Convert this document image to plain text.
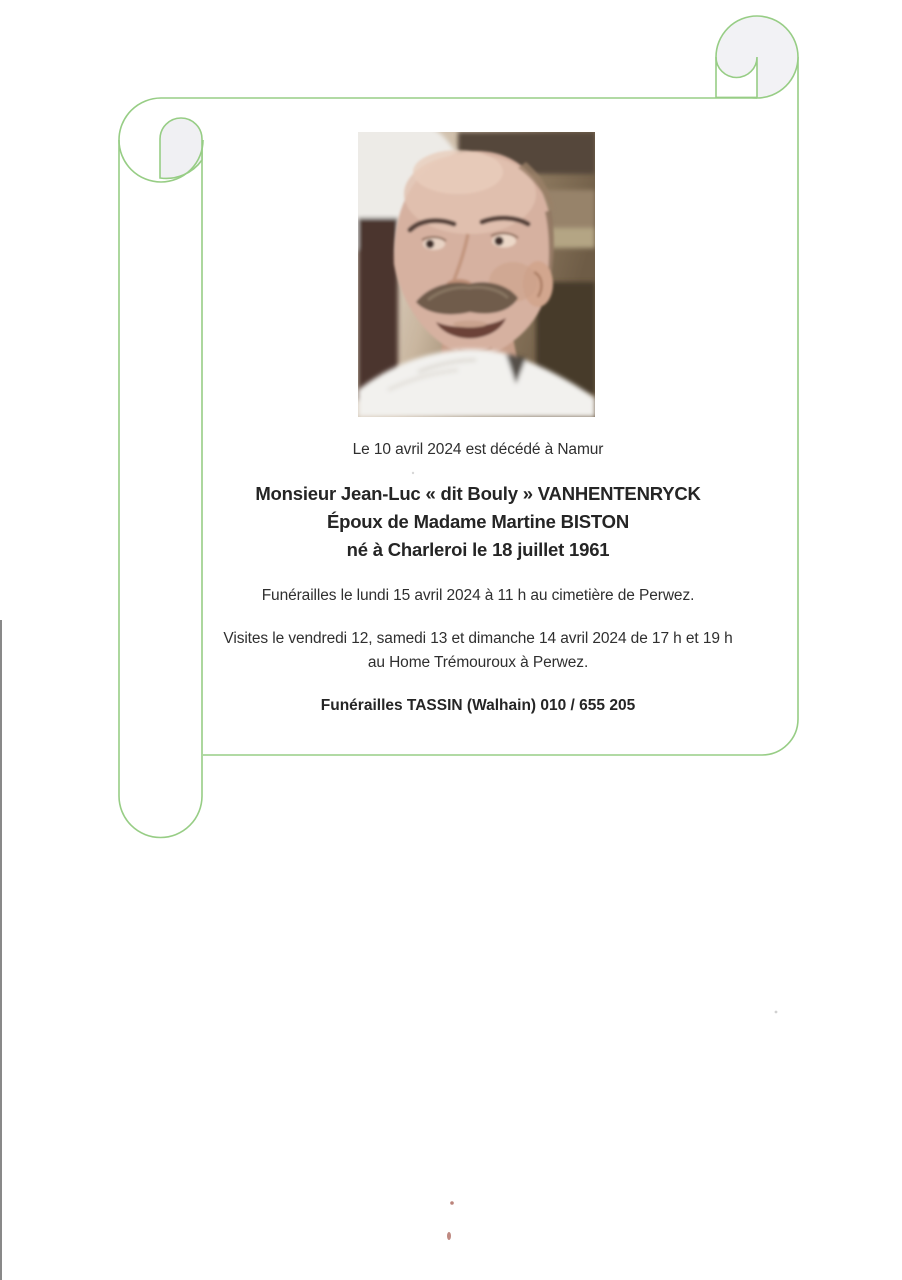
Le 10 avril 2024 est décédé à Namur
Monsieur Jean-Luc « dit Bouly » VANHENTENRYCK
Époux de Madame Martine BISTON
né à Charleroi le 18 juillet 1961
Funérailles le lundi 15 avril 2024 à 11 h au cimetière de Perwez.
Visites le vendredi 12, samedi 13 et dimanche 14 avril 2024 de 17 h et 19 h
au Home Trémouroux à Perwez.
Funérailles TASSIN (Walhain) 010 / 655 205
